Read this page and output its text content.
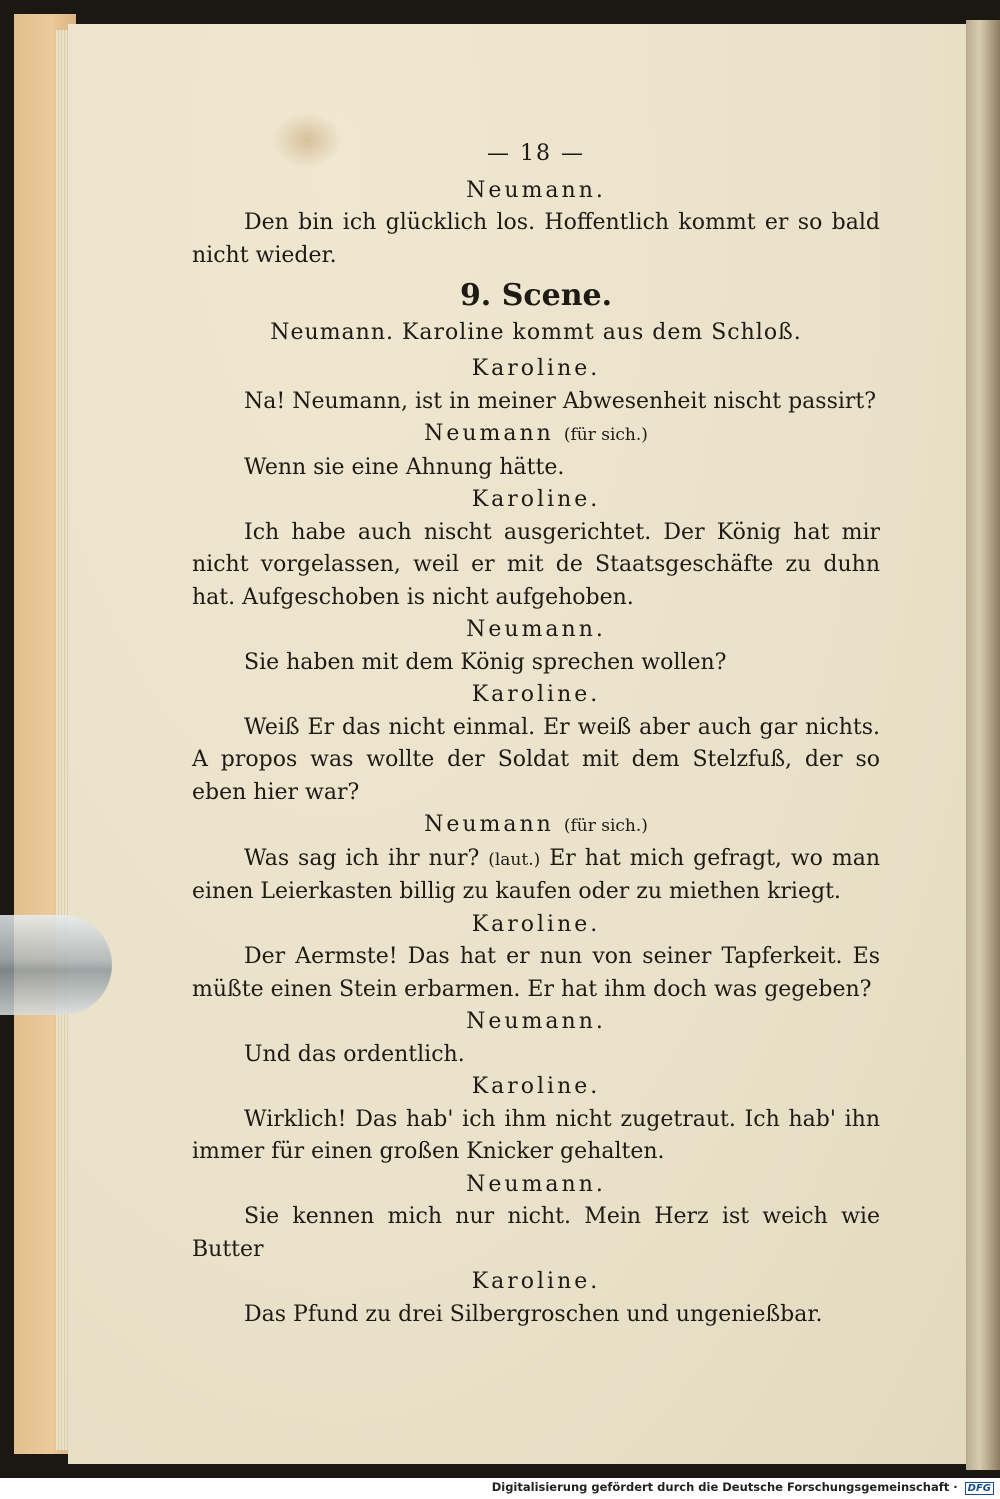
— 18 —

Neumann.

Den bin ich glücklich los. Hoffentlich kommt er so bald nicht wieder.

9. Scene.

Neumann. Karoline kommt aus dem Schloß.

Karoline.

Na! Neumann, ist in meiner Abwesenheit nischt passirt?

Neumann (für sich.)

Wenn sie eine Ahnung hätte.

Karoline.

Ich habe auch nischt ausgerichtet. Der König hat mir nicht vorgelassen, weil er mit de Staatsgeschäfte zu duhn hat. Aufgeschoben is nicht aufgehoben.

Neumann.

Sie haben mit dem König sprechen wollen?

Karoline.

Weiß Er das nicht einmal. Er weiß aber auch gar nichts. A propos was wollte der Soldat mit dem Stelzfuß, der so eben hier war?

Neumann (für sich.)

Was sag ich ihr nur? (laut.) Er hat mich gefragt, wo man einen Leierkasten billig zu kaufen oder zu miethen kriegt.

Karoline.

Der Aermste! Das hat er nun von seiner Tapferkeit. Es müßte einen Stein erbarmen. Er hat ihm doch was gegeben?

Neumann.

Und das ordentlich.

Karoline.

Wirklich! Das hab' ich ihm nicht zugetraut. Ich hab' ihn immer für einen großen Knicker gehalten.

Neumann.

Sie kennen mich nur nicht. Mein Herz ist weich wie Butter

Karoline.

Das Pfund zu drei Silbergroschen und ungenießbar.

Digitalisierung gefördert durch die Deutsche Forschungsgemeinschaft · DFG
